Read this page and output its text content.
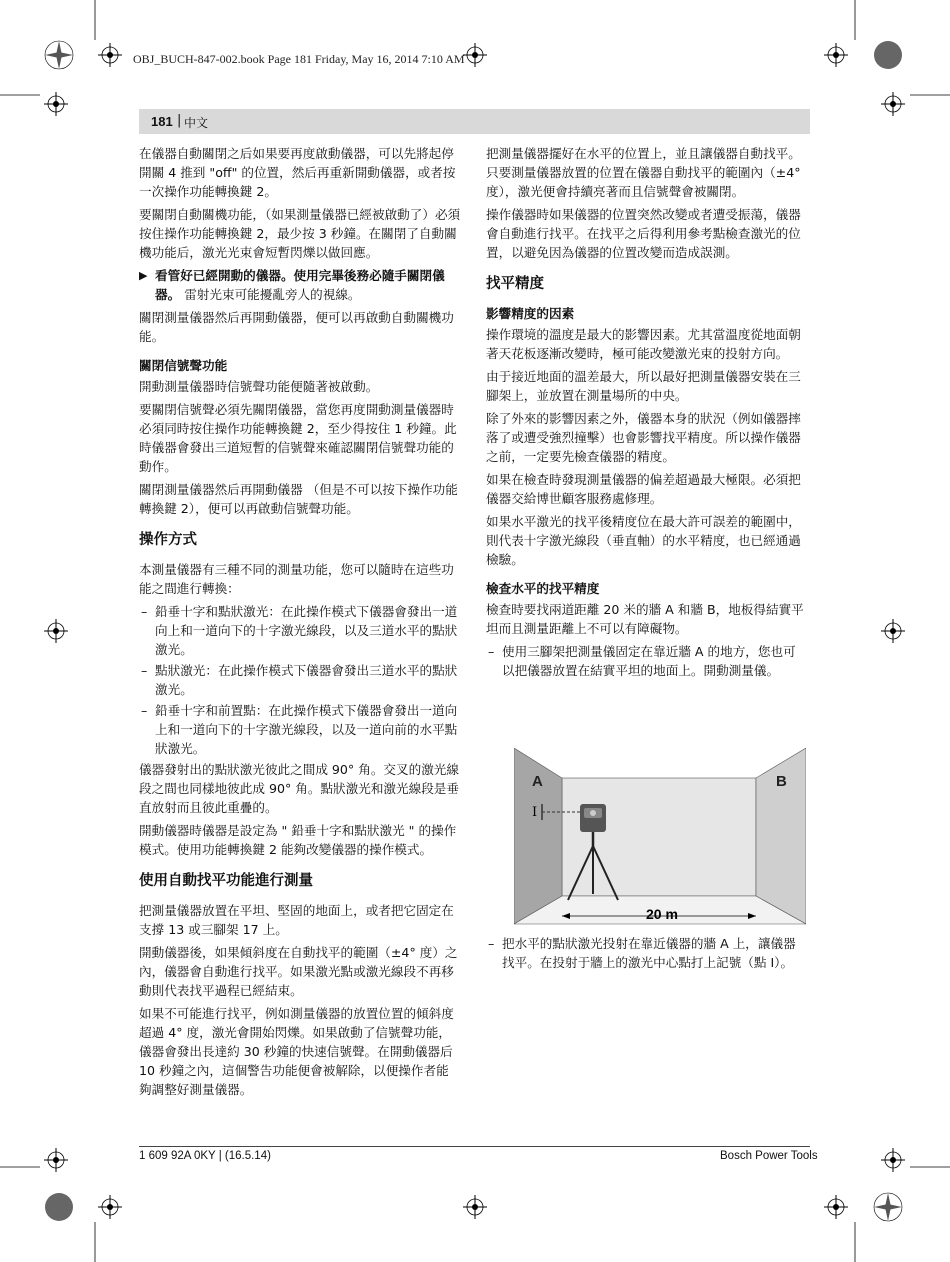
OBJ_BUCH-847-002.book Page 181 Friday, May 16, 2014 7:10 AM
181 | 中文

在儀器自動關閉之后如果要再度啟動儀器，可以先將起停開關 4 推到 "off" 的位置，然后再重新開動儀器，或者按一次操作功能轉換鍵 2。

要關閉自動關機功能，（如果測量儀器已經被啟動了）必須按住操作功能轉換鍵 2，最少按 3 秒鐘。在關閉了自動關機功能后，激光光束會短暫閃爍以做回應。

▶ 看管好已經開動的儀器。使用完畢後務必隨手關閉儀器。 雷射光束可能擾亂旁人的視線。

關閉測量儀器然后再開動儀器，便可以再啟動自動關機功能。

關閉信號聲功能

開動測量儀器時信號聲功能便隨著被啟動。

要關閉信號聲必須先關閉儀器，當您再度開動測量儀器時必須同時按住操作功能轉換鍵 2，至少得按住 1 秒鐘。此時儀器會發出三道短暫的信號聲來確認關閉信號聲功能的動作。

關閉測量儀器然后再開動儀器 （但是不可以按下操作功能轉換鍵 2），便可以再啟動信號聲功能。

操作方式

本測量儀器有三種不同的測量功能，您可以隨時在這些功能之間進行轉換：

– 鉛垂十字和點狀激光：在此操作模式下儀器會發出一道向上和一道向下的十字激光線段，以及三道水平的點狀激光。
– 點狀激光：在此操作模式下儀器會發出三道水平的點狀激光。
– 鉛垂十字和前置點：在此操作模式下儀器會發出一道向上和一道向下的十字激光線段，以及一道向前的水平點狀激光。

儀器發射出的點狀激光彼此之間成 90° 角。交叉的激光線段之間也同樣地彼此成 90° 角。點狀激光和激光線段是垂直放射而且彼此重疊的。

開動儀器時儀器是設定為 " 鉛垂十字和點狀激光 " 的操作模式。使用功能轉換鍵 2 能夠改變儀器的操作模式。

使用自動找平功能進行測量

把測量儀器放置在平坦、堅固的地面上，或者把它固定在支撐 13 或三腳架 17 上。

開動儀器後，如果傾斜度在自動找平的範圍（±4° 度）之內，儀器會自動進行找平。如果激光點或激光線段不再移動則代表找平過程已經結束。

如果不可能進行找平，例如測量儀器的放置位置的傾斜度超過 4° 度，激光會開始閃爍。如果啟動了信號聲功能，儀器會發出長達約 30 秒鐘的快速信號聲。在開動儀器后 10 秒鐘之內，這個警告功能便會被解除，以便操作者能夠調整好測量儀器。

把測量儀器擺好在水平的位置上，並且讓儀器自動找平。只要測量儀器放置的位置在儀器自動找平的範圍內（±4° 度），激光便會持續亮著而且信號聲會被關閉。

操作儀器時如果儀器的位置突然改變或者遭受振蕩，儀器會自動進行找平。在找平之后得利用參考點檢查激光的位置，以避免因為儀器的位置改變而造成誤測。

找平精度
影響精度的因素

操作環境的溫度是最大的影響因素。尤其當溫度從地面朝著天花板逐漸改變時，極可能改變激光束的投射方向。

由于接近地面的溫差最大，所以最好把測量儀器安裝在三腳架上，並放置在測量場所的中央。

除了外來的影響因素之外，儀器本身的狀況（例如儀器摔落了或遭受強烈撞擊）也會影響找平精度。所以操作儀器之前，一定要先檢查儀器的精度。

如果在檢查時發現測量儀器的偏差超過最大極限。必須把儀器交給博世顧客服務處修理。

如果水平激光的找平後精度位在最大許可誤差的範圍中，則代表十字激光線段（垂直軸）的水平精度，也已經通過檢驗。

檢查水平的找平精度

檢查時要找兩道距離 20 米的牆 A 和牆 B，地板得結實平坦而且測量距離上不可以有障礙物。

– 使用三腳架把測量儀固定在靠近牆 A 的地方，您也可以把儀器放置在結實平坦的地面上。開動測量儀。
I
A	B
20 m
– 把水平的點狀激光投射在靠近儀器的牆 A 上，讓儀器找平。在投射于牆上的激光中心點打上記號（點 I）。
1 609 92A 0KY | (16.5.14)	Bosch Power Tools
